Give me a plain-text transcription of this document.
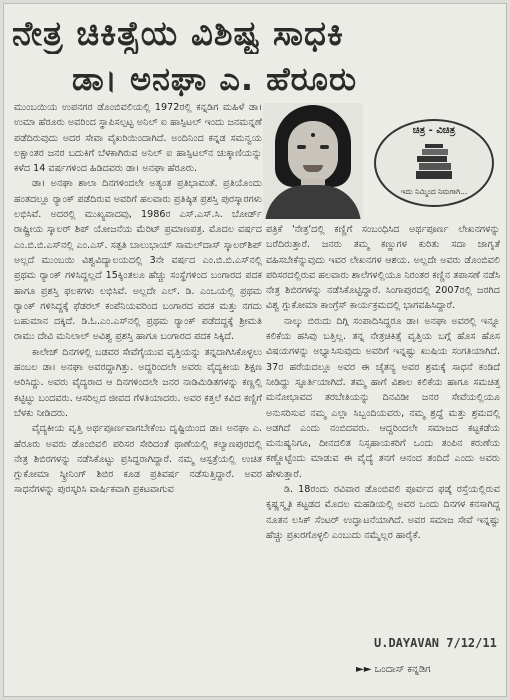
ನೇತ್ರ ಚಿಕಿತ್ಸೆಯ ವಿಶಿಷ್ಟ ಸಾಧಕಿ
ಡಾ। ಅನಘಾ ಎ. ಹೆರೂರು

ಮುಂಬಯಿಯ ಉಪನಗರ ಡೊಂಬಿವಲಿಯಲ್ಲಿ 1972ರಲ್ಲಿ ಕನ್ನಡಿಗ ಮಹಿಳೆ ಡಾ। ಉಮಾ ಹೆರೂರು ಅವರಿಂದ ಸ್ಥಾಪಿಸಲ್ಪಟ್ಟ ಅನಿಲ್ ಐ ಹಾಸ್ಪಿಟಲ್ ಇಂದು ಜನಮನ್ನಣೆ ಪಡೆದಿರುವುದು ಅದರ ಸೇವಾ ವೈಖರಿಯಿಂದಾಗಿದೆ. ಅಂದಿನಿಂದ ಕನ್ನಡ ಸಮನ್ವಯ ಲಕ್ಷಾಂತರ ಜನರ ಬದುಕಿಗೆ ಬೆಳಕಾಗಿರುವ ಅನಿಲ್ ಐ ಹಾಸ್ಪಿಟಲ್‌ನ ಚುಕ್ಕಾಣಿಯನ್ನು ಕಳೆದ 14 ವರ್ಷಗಳಿಂದ ಹಿಡಿದವರು ಡಾ। ಅನಘಾ ಹೆರೂರು.

ಡಾ। ಅನಘಾ ಶಾಲಾ ದಿನಗಳಿಂದಲೇ ಅತ್ಯಂತ ಪ್ರತಿಭಾವಂತೆ. ಪ್ರತಿಯೊಂದು ಹಂತದಲ್ಲೂ ರ್‍ಯಾಂಕ್ ಪಡೆದಿರುವ ಅವರಿಗೆ ಹಲವಾರು ಪ್ರತಿಷ್ಠಿತ ಪ್ರಶಸ್ತಿ ಪುರಸ್ಕಾರಗಳು ಲಭಿಸಿವೆ. ಅದರಲ್ಲಿ ಮುಖ್ಯವಾದವು, 1986ರ ಎಸ್.ಎಸ್.ಸಿ. ಬೋರ್ಡ್ ರಾಷ್ಟ್ರೀಯ ಸ್ಕಾಲರ್ ಶಿಪ್ ಯೋಜನೆಯ ಮೆರಿಟ್ ಪ್ರಮಾಣಪತ್ರ. ಮೊದಲ ವರ್ಷದ ಎಂ.ಬಿ.ಬಿ.ಎಸ್‌ನಲ್ಲಿ ಎಂ.ಎಸ್. ಸತ್ಪತಿ ಬಾಲುಭಾಯ್ ಸಾಮಲ್‌ದಾಸ್ ಸ್ಕಾಲರ್‌ಶಿಪ್ ಅಲ್ಲದೆ ಮುಂಬಯಿ ವಿಶ್ವವಿದ್ಯಾಲಯದಲ್ಲಿ 3ನೇ ವರ್ಷದ ಎಂ.ಬಿ.ಬಿ.ಎಸ್‌ನಲ್ಲಿ ಪ್ರಥಮ ರ್‍ಯಾಂಕ್ ಗಳಿಸಿದ್ದಲ್ಲದೆ 15ಕ್ಕಿಂತಲೂ ಹೆಚ್ಚು ಸಂಸ್ಥೆಗಳಿಂದ ಬಂಗಾರದ ಪದಕ ಹಾಗೂ ಪ್ರಶಸ್ತಿ ಫಲಕಗಳು ಲಭಿಸಿವೆ. ಅಲ್ಲದೇ ಎಲ್. ಡಿ. ಎಂಒಯಲ್ಲಿ ಪ್ರಥಮ ರ್‍ಯಾಂಕ್ ಗಳಿಸಿದ್ದಕ್ಕೆ ಫೆಡರಲ್ ಕಂಪೆನಿಯವರಿಂದ ಬಂಗಾರದ ಪದಕ ಮತ್ತು ನಗದು ಬಹುಮಾನ ದಕ್ಕಿದೆ. ಡಿ.ಓ.ಎಂ.ಎಸ್‌ನಲ್ಲಿ ಪ್ರಥಮ ರ್‍ಯಾಂಕ್ ಪಡೆದದ್ದಕ್ಕೆ ಶ್ರೀಮತಿ ರಾಮು ದೇವಿ ಮನಿಲಾಲ್ ಅವಿಶ್ವ ಪ್ರಶಸ್ತಿ ಹಾಗೂ ಬಂಗಾರದ ಪದಕ ಸಿಕ್ಕಿದೆ.

ಕಾಲೇಜ್ ದಿನಗಳಲ್ಲಿ ಬಡವರ ಸೇವೆಗೈಯುವ ವೃತ್ತಿಯನ್ನು ತನ್ನದಾಗಿಸಿಕೊಳ್ಳಲು ಹಂಬಲ ಡಾ। ಅನಘಾ ಅವರದ್ದಾಗಿತ್ತು. ಅದ್ದರಿಂದಲೇ ಅವರು ವೈದ್ಯಕೀಯ ಶಿಕ್ಷಣ ಆರಿಸಿದ್ದು. ಅವರು ವೈದ್ಯರಾದ ಆ ದಿನಗಳಿಂದಲೇ ಜನರ ನಾಡಿಮಿಡಿತಗಳನ್ನು ಕಣ್ಣಲ್ಲಿ ಕಟ್ಟಿಟ್ಟು ಬಂದವರು. ಆಸರಿಲ್ಲದ ಜೀವದ ಗೆಳತಿಯಾದರು. ಅವರ ಕತ್ತಲೆ ಕವಿದ ಕಣ್ಣಿಗೆ ಬೆಳಕು ನೀಡಿದರು.

ವೈದ್ಯಕೀಯ ವೃತ್ತಿ ಅರ್ಥಪೂರ್ಣವಾಗಬೇಕೆಂಬ ದೃಷ್ಟಿಯಿಂದ ಡಾ। ಅನಘಾ ಎ. ಹೆರೂರು ಅವರು ಡೊಂಬಿವಲಿ ಪರಿಸರ ಸೇರಿದಂತೆ ಥಾಣೆಯಲ್ಲಿ ಕಲ್ಯಾಣಪುರದಲ್ಲಿ ನೇತ್ರ ಶಿಬಿರಗಳನ್ನು ನಡೆಸಿಕೊಟ್ಟು ಪ್ರಸಿದ್ಧರಾಗಿದ್ದಾರೆ. ನಮ್ಮ ಆಸ್ಪತ್ರೆಯಲ್ಲಿ ಉಚಿತ ಗ್ಲುಕೋಮಾ ಸ್ಕ್ರೀನಿಂಗ್ ಶಿಬಿರ ಕೂಡ ಪ್ರತಿವರ್ಷ ನಡೆಸುತ್ತಿದ್ದಾರೆ. ಅವರ ಸಾಧನೆಗಳನ್ನು ಪುರಸ್ಕರಿಸಿ ವಾರ್ಷಿಕವಾಗಿ ಪ್ರಕಟವಾಗುವ

ಚಿತ್ರ - ವಿಚಿತ್ರ
ಇದು ನಿಮ್ಮಿಂದ ನಿಮಗಾಗಿ...

ಪತ್ರಿಕೆ 'ನೇತ್ರ'ದಲ್ಲಿ ಕಣ್ಣಿಗೆ ಸಂಬಂಧಿಸಿದ ಅರ್ಥಪೂರ್ಣ ಲೇಖನಗಳನ್ನು ಬರೆದಿರುತ್ತಾರೆ. ಜನರು ತಮ್ಮ ಕಣ್ಣುಗಳ ಕುರಿತು ಸದಾ ಜಾಗೃತೆ ವಹಿಸಬೇಕೆನ್ನುವುದು ಇವರ ಲೇಖನಗಳ ಆಶಯ. ಅಲ್ಲದೇ ಅವರು ಡೊಂಬಿವಲಿ ಪರಿಸರದಲ್ಲಿರುವ ಹಲವಾರು ಶಾಲೆಗಳಲ್ಲಿಯೂ ನಿರಂತರ ಕಣ್ಣಿನ ತಪಾಸಣೆ ನಡೆಸಿ ನೇತ್ರ ಶಿಬಿರಗಳನ್ನು ನಡೆಸಿಕೊಟ್ಟಿದ್ದಾರೆ. ಸಿಂಗಾಪುರದಲ್ಲಿ 2007ರಲ್ಲಿ ಜರಗಿದ ವಿಶ್ವ ಗ್ಲುಕೋಮಾ ಕಾಂಗ್ರೆಸ್ ಕಾರ್ಯಕ್ರಮದಲ್ಲಿ ಭಾಗವಹಿಸಿದ್ದಾರೆ.

ನಾಲ್ಕು ಬಿರುದು ದಿಗ್ಗಿ ಸಂಪಾದಿಸಿದ್ದರೂ ಡಾ। ಅನಘಾ ಅವರಲ್ಲಿ ಇನ್ನೂ ಕಲಿಕೆಯ ಹಸಿವು ಬತ್ತಿಲ್ಲ. ತನ್ನ ನೇತ್ರಚಿಕಿತ್ಸೆ ವೃತ್ತಿಯ ಬಗ್ಗೆ ಹೊಸ ಹೊಸ ವಿಷಯಗಳನ್ನು ಅಭ್ಯಾಸಿಸುವುದು ಅವರಿಗೆ ಇನ್ನಷ್ಟು ಖುಷಿಯ ಸಂಗತಿಯಾಗಿದೆ. 37ರ ಹರೆಯದಲ್ಲೂ ಅವರ ಈ ಚೈತನ್ಯ ಅವರ ಶ್ರಮಕ್ಕೆ ಸಾಧನೆ ಕಂಡಿದೆ ನೀಡಿದ್ದು ಸ್ಫೂರ್ತಿಯಾಗಿದೆ. ತಮ್ಮ ಹಾಗೆ ವಿಶಾಲ ಕಲಿಕೆಯ ಹಾಗೂ ಸಮಚಿತ್ತ ಮನೋಭಾವದ ತರಬೇತಿಯನ್ನು ದಿನವಿಡೀ ಜನರ ಸೇವೆಯಲ್ಲಿಯೂ ಅನುಸರಿಸುವ ನಮ್ಮ ಎಲ್ಲಾ ಸಿಬ್ಬಂದಿಯವರು, ನಮ್ಮ ಶ್ರದ್ಧೆ ಮತ್ತು ಶ್ರಮದಲ್ಲಿ ಅಡಗಿದೆ ಎಂದು ನಂಬಿದವರು. ಆದ್ದರಿಂದಲೇ ಸಮಾಜದ ಕಟ್ಟಕಡೆಯ ಮನುಷ್ಯನಿಗೂ, ದೀನದಲಿತ ನಿಸ್ಸಹಾಯಕರಿಗೆ ಒಂದು ತಂಪಿನ ಕರುಣೆಯ ಕಣ್ಣೊಟ್ಟೆಂದು ಮಾಡುವ ಈ ವೈದ್ಯೆ ತನಗೆ ಆನಂದ ತಂದಿದೆ ಎಂದು ಅವರು ಹೇಳುತ್ತಾರೆ.

ಡಿ. 18ರಂದು ರವಿವಾರ ಡೊಂಬಿವಲಿ ಪೂರ್ವದ ಫಡ್ಕೆ ರಸ್ತೆಯಲ್ಲಿರುವ ಕೃಷ್ಣಸ್ಮೃತಿ ಕಟ್ಟಡದ ಮೊದಲ ಮಹಡಿಯಲ್ಲಿ ಅವರ ಒಂದು ದಿನಗಳ ಕನಸಾಗಿದ್ದ ನೂತನ ಲಸಿಕ್ ಸೆಂಟರ್ ಉದ್ಘಾಟನೆಯಾಗಿದೆ. ಅವರ ಸಮಾಜ ಸೇವೆ ಇನ್ನಷ್ಟು ಹೆಚ್ಚು ಪ್ರಖರಗೊಳ್ಳಲಿ ಎಂಬುದು ನಮ್ಮೆಲ್ಲರ ಹಾರೈಕೆ.

U.DAYAVAN 7/12/11
►► ಒಂದಾಸ್ ಕನ್ನಡಿಗ
